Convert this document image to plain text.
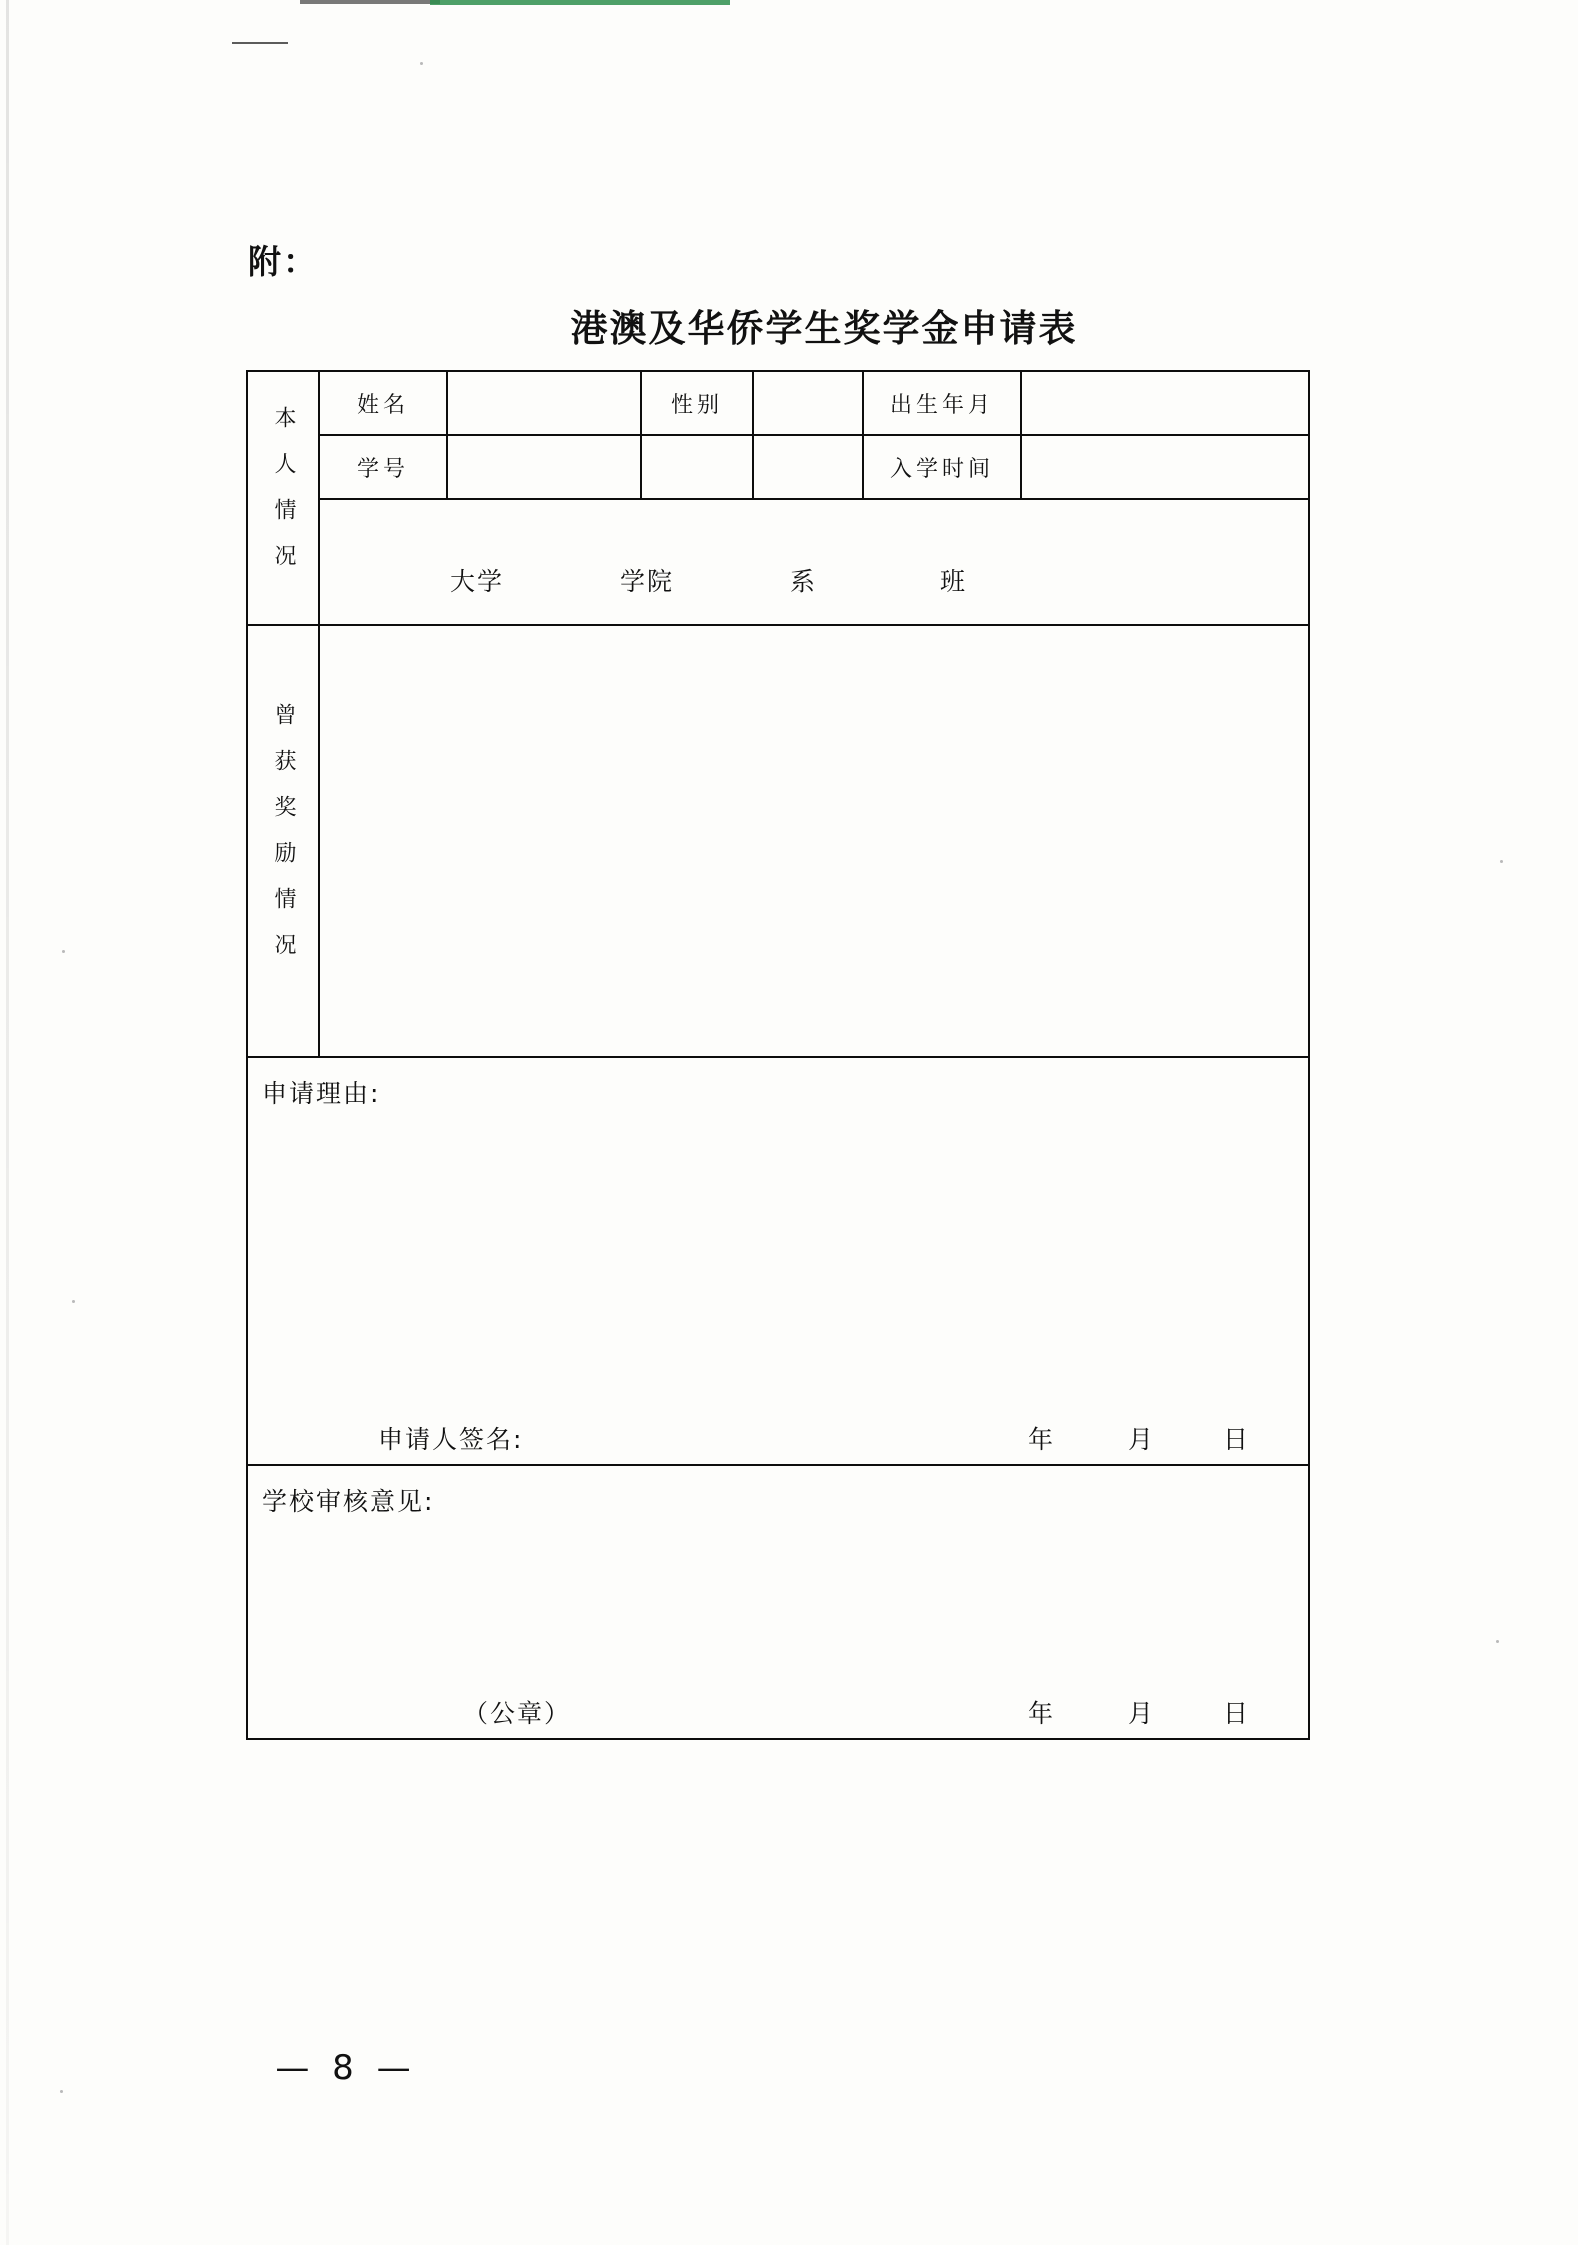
附：
港澳及华侨学生奖学金申请表
本人情况	姓名		性别		出生年月	
	学号				入学时间	

	大学 学院 系 班					

曾获奖励情况						

申请理由:
申请人签名: 年 月 日						

学校审核意见:
（公章） 年 月 日						
— 8 —
